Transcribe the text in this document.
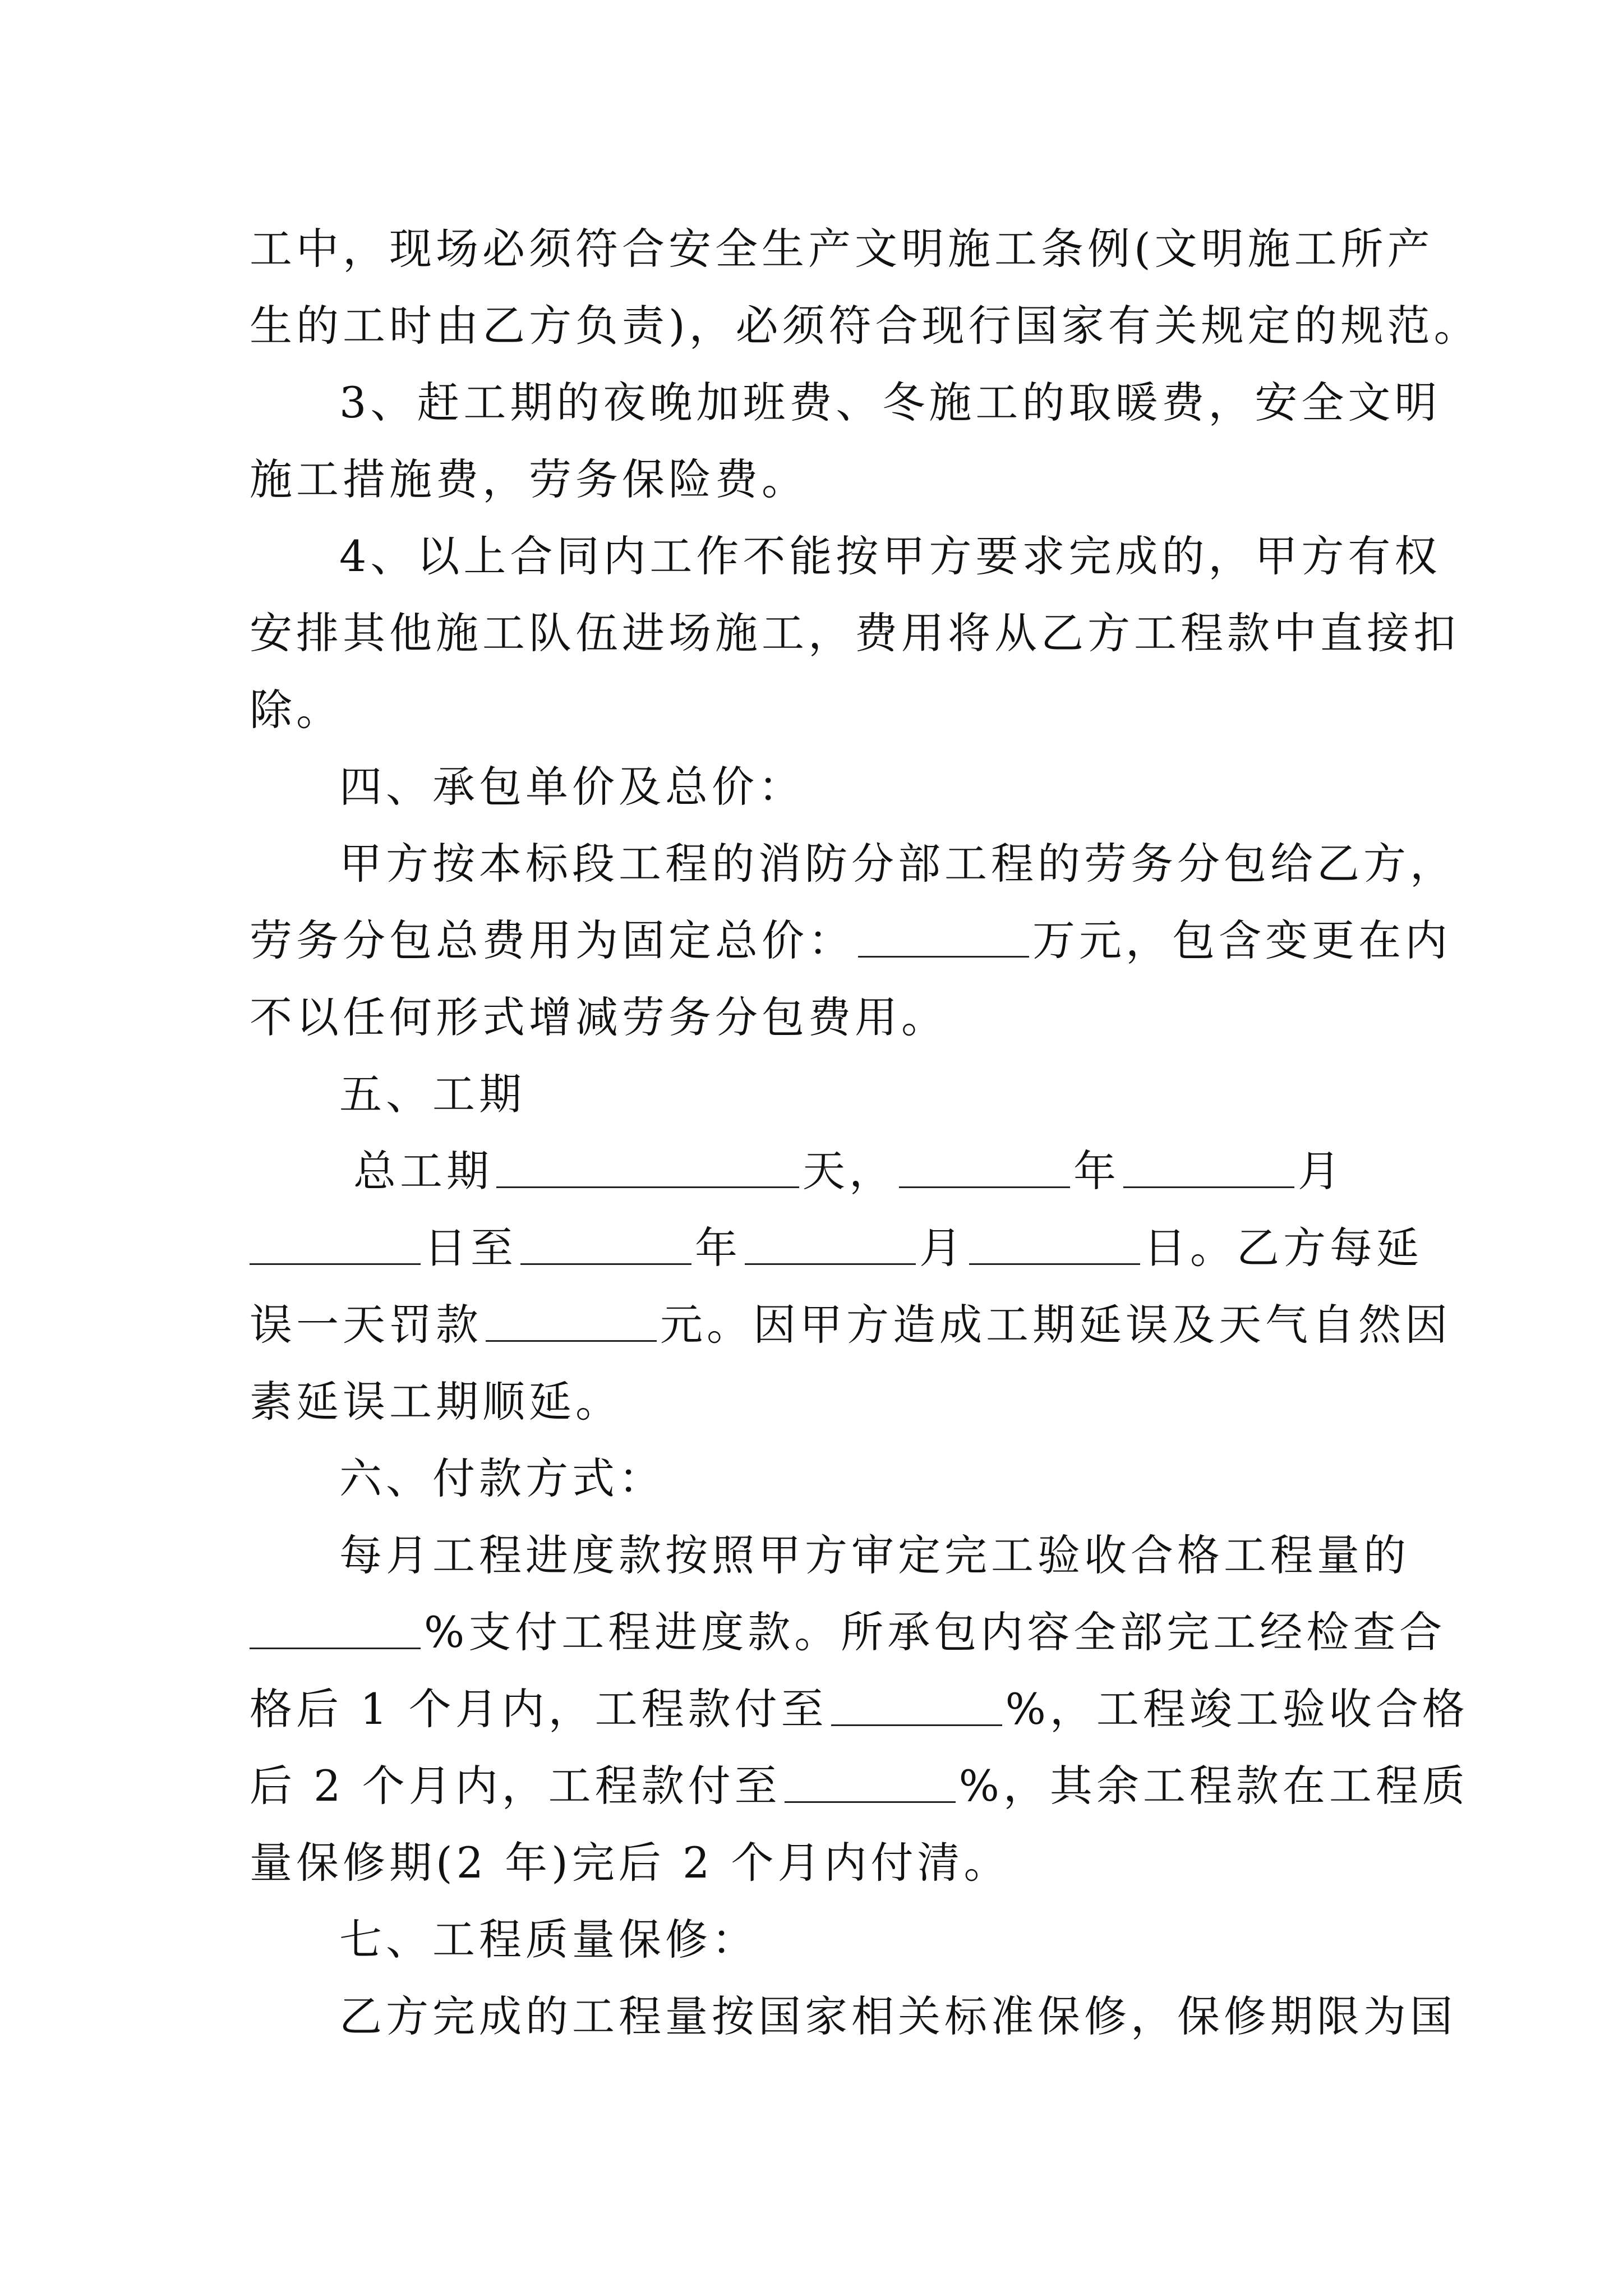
工中，现场必须符合安全生产文明施工条例(文明施工所产
生的工时由乙方负责)，必须符合现行国家有关规定的规范。
3、赶工期的夜晚加班费、冬施工的取暖费，安全文明
施工措施费，劳务保险费。
4、以上合同内工作不能按甲方要求完成的，甲方有权
安排其他施工队伍进场施工，费用将从乙方工程款中直接扣
除。
四、承包单价及总价：
甲方按本标段工程的消防分部工程的劳务分包给乙方，
劳务分包总费用为固定总价：	万元，包含变更在内
不以任何形式增减劳务分包费用。
五、工期
总工期	天，	年	月
日至	年	月	日。乙方每延
误一天罚款	元。因甲方造成工期延误及天气自然因
素延误工期顺延。
六、付款方式：
每月工程进度款按照甲方审定完工验收合格工程量的
%支付工程进度款。所承包内容全部完工经检查合
格后 1 个月内，工程款付至	%，工程竣工验收合格
后 2 个月内，工程款付至	%，其余工程款在工程质
量保修期(2 年)完后 2 个月内付清。
七、工程质量保修：
乙方完成的工程量按国家相关标准保修，保修期限为国
